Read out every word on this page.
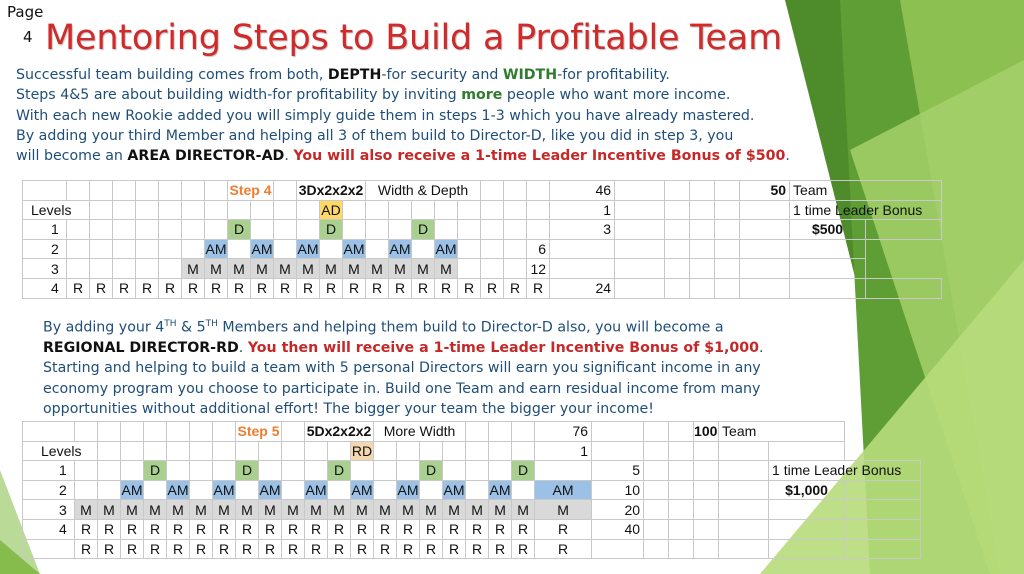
Page
4 Mentoring Steps to Build a Profitable Team
Successful team building comes from both, DEPTH-for security and WIDTH-for profitability.
Steps 4&5 are about building width-for profitability by inviting more people who want more income.
With each new Rookie added you will simply guide them in steps 1-3 which you have already mastered.
By adding your third Member and helping all 3 of them build to Director-D, like you did in step 3, you
will become an AREA DIRECTOR-AD. You will also receive a 1-time Leader Incentive Bonus of $500.
								Step 4			3Dx2x2x2			Width & Depth								46					50	Team	
Levels												AD										1						1 time Leader Bonus	
1								D				D				D						3						$500	
2							AM		AM		AM		AM		AM		AM				6								
3						M	M	M	M	M	M	M	M	M	M	M	M				12								
4	R	R	R	R	R	R	R	R	R	R	R	R	R	R	R	R	R	R	R	R	R	24							
By adding your 4TH & 5TH Members and helping them build to Director-D also, you will become a
REGIONAL DIRECTOR-RD. You then will receive a 1-time Leader Incentive Bonus of $1,000.
Starting and helping to build a team with 5 personal Directors will earn you significant income in any
economy program you choose to participate in. Build one Team and earn residual income from many
opportunities without additional effort! The bigger your team the bigger your income!
								Step 5			5Dx2x2x2			More Width							76				100	Team		
Levels													RD								1							
1				D				D				D				D				D		5					1 time Leader Bonus	
2			AM		AM		AM		AM		AM		AM		AM		AM		AM		AM	10					$1,000	
3	M	M	M	M	M	M	M	M	M	M	M	M	M	M	M	M	M	M	M	M	M	20						
4	R	R	R	R	R	R	R	R	R	R	R	R	R	R	R	R	R	R	R	R	R	40						
	R	R	R	R	R	R	R	R	R	R	R	R	R	R	R	R	R	R	R	R	R							
